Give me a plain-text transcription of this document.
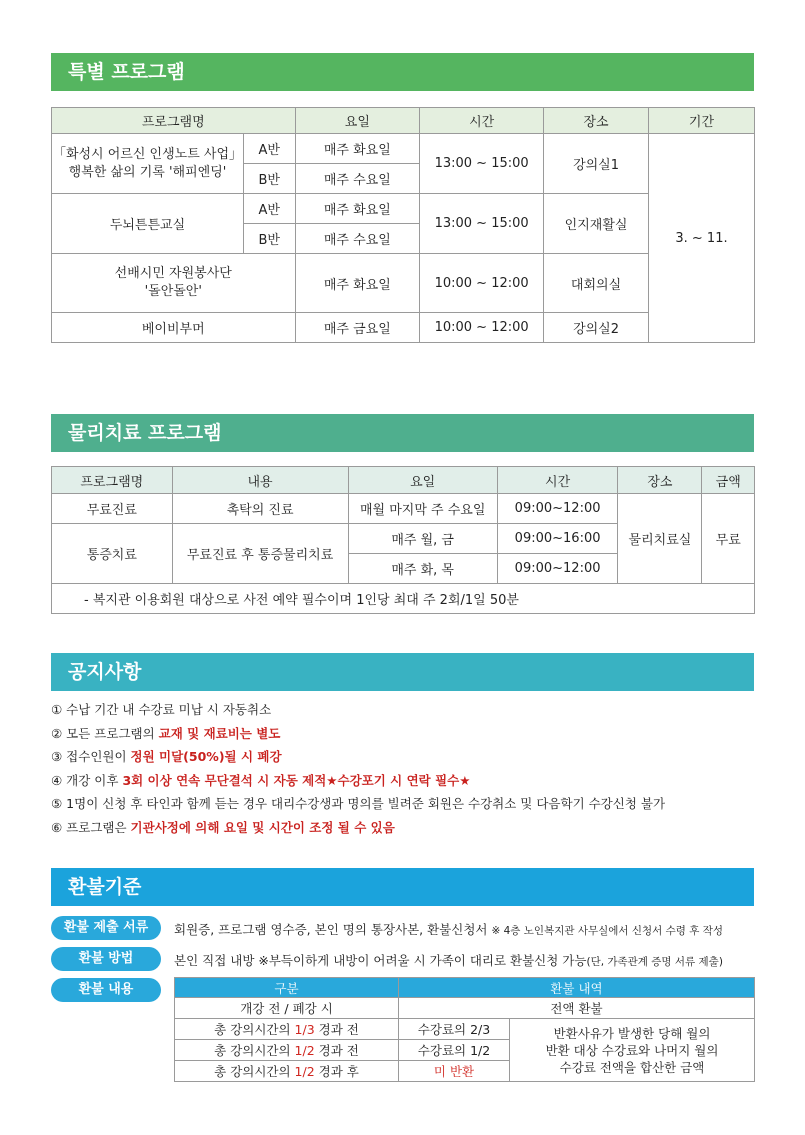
특별 프로그램
프로그램명		요일	시간	장소	기간

「화성시 어르신 인생노트 사업」
행복한 삶의 기록 '해피엔딩'	A반	매주 화요일	13:00 ~ 15:00	강의실1	3. ~ 11.
	B반	매주 수요일			
두뇌튼튼교실	A반	매주 화요일	13:00 ~ 15:00	인지재활실	
	B반	매주 수요일			

선배시민 자원봉사단
'돌안돌안'		매주 화요일	10:00 ~ 12:00	대회의실	
베이비부머		매주 금요일	10:00 ~ 12:00	강의실2	
물리치료 프로그램
프로그램명	내용	요일	시간	장소	금액
무료진료	촉탁의 진료	매월 마지막 주 수요일	09:00~12:00	물리치료실	무료
통증치료	무료진료 후 통증물리치료	매주 월, 금	09:00~16:00		
		매주 화, 목	09:00~12:00		
- 복지관 이용회원 대상으로 사전 예약 필수이며 1인당 최대 주 2회/1일 50분					
공지사항
① 수납 기간 내 수강료 미납 시 자동취소
② 모든 프로그램의 교재 및 재료비는 별도
③ 접수인원이 정원 미달(50%)될 시 폐강
④ 개강 이후 3회 이상 연속 무단결석 시 자동 제적★수강포기 시 연락 필수★
⑤ 1명이 신청 후 타인과 함께 듣는 경우 대리수강생과 명의를 빌려준 회원은 수강취소 및 다음학기 수강신청 불가
⑥ 프로그램은 기관사정에 의해 요일 및 시간이 조정 될 수 있음
환불기준
환불 제출 서류	회원증, 프로그램 영수증, 본인 명의 통장사본, 환불신청서 ※ 4층 노인복지관 사무실에서 신청서 수령 후 작성
환불 방법	본인 직접 내방 ※부득이하게 내방이 어려울 시 가족이 대리로 환불신청 가능(단, 가족관계 증명 서류 제출)
환불 내용	구분	환불 내역	
개강 전 / 폐강 시	전액 환불	
총 강의시간의 1/3 경과 전	수강료의 2/3	반환사유가 발생한 당해 월의
반환 대상 수강료와 나머지 월의
수강료 전액을 합산한 금액

총 강의시간의 1/2 경과 전	수강료의 1/2	
총 강의시간의 1/2 경과 후	미 반환	
